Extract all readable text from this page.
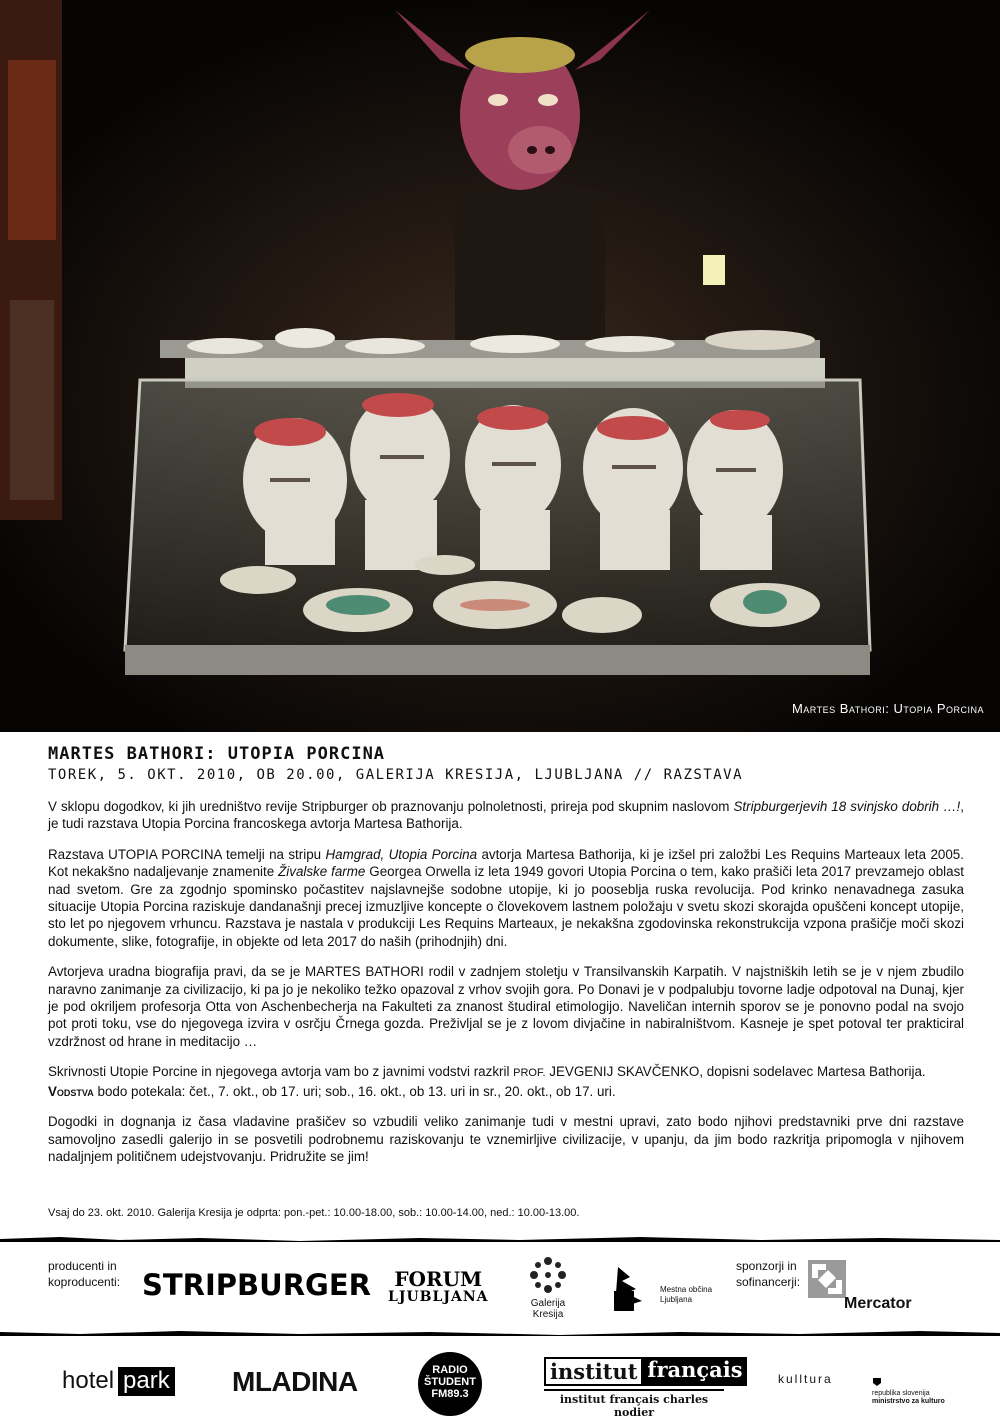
Martes Bathori: Utopia Porcina
MARTES BATHORI: UTOPIA PORCINA
TOREK, 5. OKT. 2010, OB 20.00, GALERIJA KRESIJA, LJUBLJANA // RAZSTAVA

V sklopu dogodkov, ki jih uredništvo revije Stripburger ob praznovanju polnoletnosti, prireja pod skupnim naslovom Stripburgerjevih 18 svinjsko dobrih …!, je tudi razstava Utopia Porcina francoskega avtorja Martesa Bathorija.

Razstava UTOPIA PORCINA temelji na stripu Hamgrad, Utopia Porcina avtorja Martesa Bathorija, ki je izšel pri založbi Les Requins Marteaux leta 2005. Kot nekakšno nadaljevanje znamenite Živalske farme Georgea Orwella iz leta 1949 govori Utopia Porcina o tem, kako prašiči leta 2017 prevzamejo oblast nad svetom. Gre za zgodnjo spominsko počastitev najslavnejše sodobne utopije, ki jo pooseblja ruska revolucija. Pod krinko nenavadnega zasuka situacije Utopia Porcina raziskuje dandanašnji precej izmuzljive koncepte o človekovem lastnem položaju v svetu skozi skorajda opuščeni koncept utopije, sto let po njegovem vrhuncu. Razstava je nastala v produkciji Les Requins Marteaux, je nekakšna zgodovinska rekonstrukcija vzpona prašičje moči skozi dokumente, slike, fotografije, in objekte od leta 2017 do naših (prihodnjih) dni.

Avtorjeva uradna biografija pravi, da se je MARTES BATHORI rodil v zadnjem stoletju v Transilvanskih Karpatih. V najstniških letih se je v njem zbudilo naravno zanimanje za civilizacijo, ki pa jo je nekoliko težko opazoval z vrhov svojih gora. Po Donavi je v podpalubju tovorne ladje odpotoval na Dunaj, kjer je pod okriljem profesorja Otta von Aschenbecherja na Fakulteti za znanost študiral etimologijo. Naveličan internih sporov se je ponovno podal na svojo pot proti toku, vse do njegovega izvira v osrčju Črnega gozda. Preživljal se je z lovom divjačine in nabiralništvom. Kasneje je spet potoval ter prakticiral vzdržnost od hrane in meditacijo …

Skrivnosti Utopie Porcine in njegovega avtorja vam bo z javnimi vodstvi razkril PROF. JEVGENIJ SKAVČENKO, dopisni sodelavec Martesa Bathorija.
Vodstva bodo potekala: čet., 7. okt., ob 17. uri; sob., 16. okt., ob 13. uri in sr., 20. okt., ob 17. uri.

Dogodki in dognanja iz časa vladavine prašičev so vzbudili veliko zanimanje tudi v mestni upravi, zato bodo njihovi predstavniki prve dni razstave samovoljno zasedli galerijo in se posvetili podrobnemu raziskovanju te vznemirljive civilizacije, v upanju, da jim bodo razkritja pripomogla v njihovem nadaljnjem političnem udejstvovanju. Pridružite se jim!

Vsaj do 23. okt. 2010. Galerija Kresija je odprta: pon.-pet.: 10.00-18.00, sob.: 10.00-14.00, ned.: 10.00-13.00.
producenti in
koproducenti: STRIPBURGER	FORUM
LJUBLJANA	Galerija Kresija
Mestna občina
Ljubljana
sponzorji in
sofinancerji:
Mercator
hotel park MLADINA	RADIO
ŠTUDENT
FM89.3
institut français
institut français charles nodier
kulltura
republika slovenija
ministrstvo za kulturo
